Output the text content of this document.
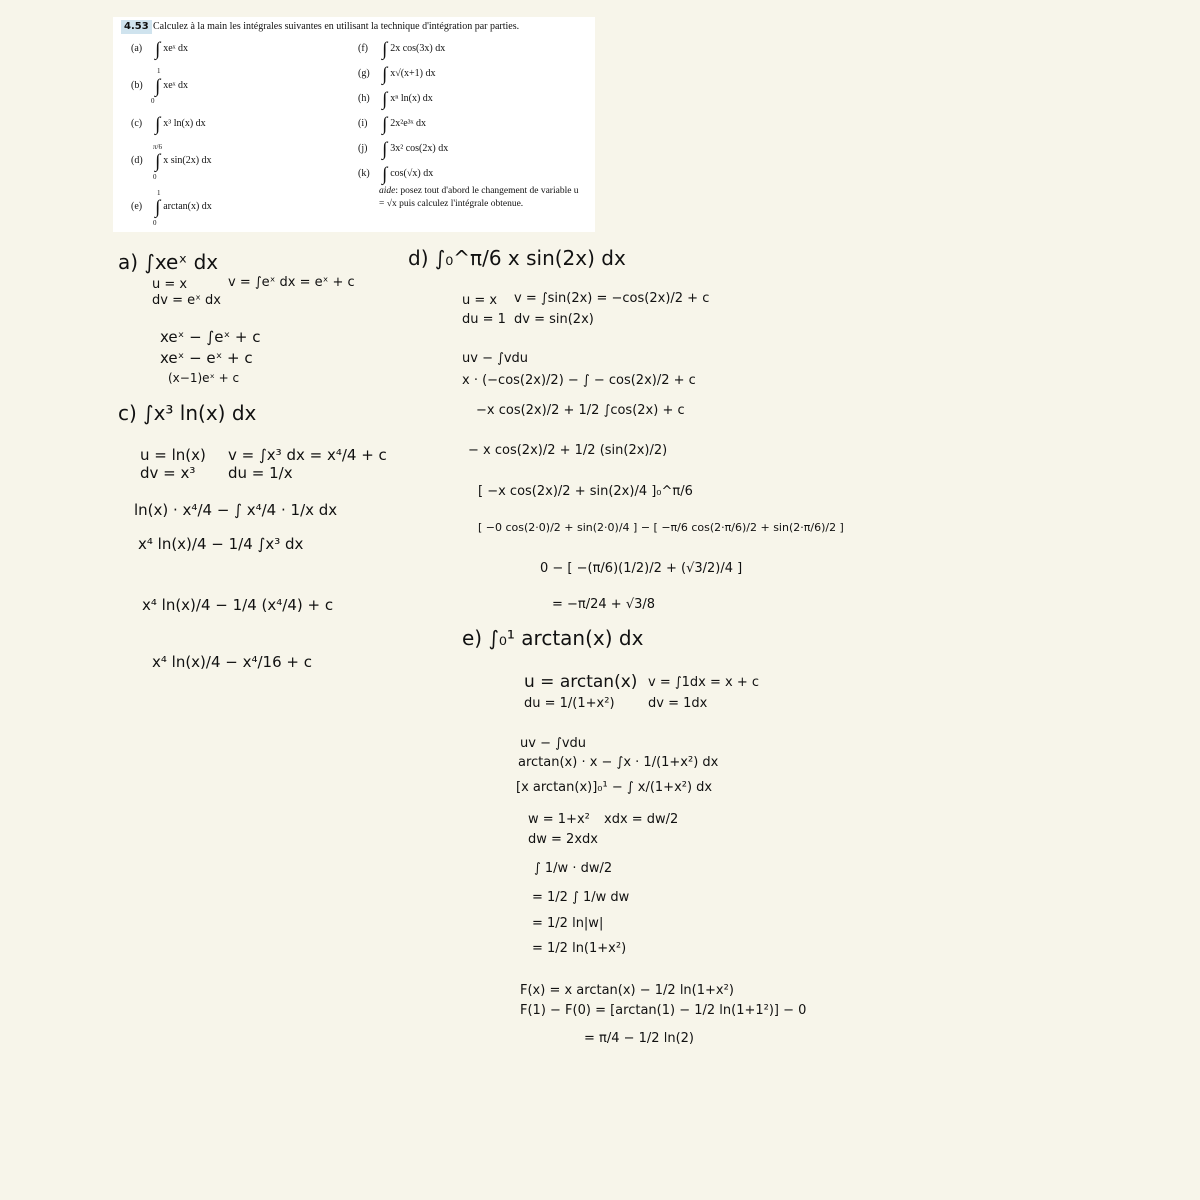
4.53 Calculez à la main les intégrales suivantes en utilisant la technique d'intégration par parties.
(a) ∫ xeˣ dx
1
(b) ∫ xeˣ dx
0
(c) ∫ x³ ln(x) dx
π/6
(d) ∫ x sin(2x) dx
0
1
(e) ∫ arctan(x) dx
0
(f) ∫ 2x cos(3x) dx
(g) ∫ x√(x+1) dx
(h) ∫ xⁿ ln(x) dx
(i) ∫ 2x²e³ˣ dx
(j) ∫ 3x² cos(2x) dx
(k) ∫ cos(√x) dx
aide: posez tout d'abord le changement de variable u = √x puis calculez l'intégrale obtenue.
a) ∫xeˣ dx
u = x	v = ∫eˣ dx = eˣ + c
dv = eˣ dx
xeˣ − ∫eˣ + c
xeˣ − eˣ + c
(x−1)eˣ + c
c) ∫x³ ln(x) dx
u = ln(x) v = ∫x³ dx = x⁴/4 + c
dv = x³ du = 1/x
ln(x) · x⁴/4 − ∫ x⁴/4 · 1/x dx
x⁴ ln(x)/4 − 1/4 ∫x³ dx
x⁴ ln(x)/4 − 1/4 (x⁴/4) + c
x⁴ ln(x)/4 − x⁴/16 + c
d) ∫₀^π/6 x sin(2x) dx
u = x v = ∫sin(2x) = −cos(2x)/2 + c
du = 1 dv = sin(2x)
uv − ∫vdu
x · (−cos(2x)/2) − ∫ − cos(2x)/2 + c
−x cos(2x)/2 + 1/2 ∫cos(2x) + c
− x cos(2x)/2 + 1/2 (sin(2x)/2)
[ −x cos(2x)/2 + sin(2x)/4 ]₀^π/6
[ −0 cos(2·0)/2 + sin(2·0)/4 ] − [ −π/6 cos(2·π/6)/2 + sin(2·π/6)/2 ]
0 − [ −(π/6)(1/2)/2 + (√3/2)/4 ]
= −π/24 + √3/8
e) ∫₀¹ arctan(x) dx
u = arctan(x) v = ∫1dx = x + c
du = 1/(1+x²)	dv = 1dx
uv − ∫vdu
arctan(x) · x − ∫x · 1/(1+x²) dx
[x arctan(x)]₀¹ − ∫ x/(1+x²) dx
w = 1+x² xdx = dw/2
dw = 2xdx
∫ 1/w · dw/2
= 1/2 ∫ 1/w dw
= 1/2 ln|w|
= 1/2 ln(1+x²)
F(x) = x arctan(x) − 1/2 ln(1+x²)
F(1) − F(0) = [arctan(1) − 1/2 ln(1+1²)] − 0
= π/4 − 1/2 ln(2)
